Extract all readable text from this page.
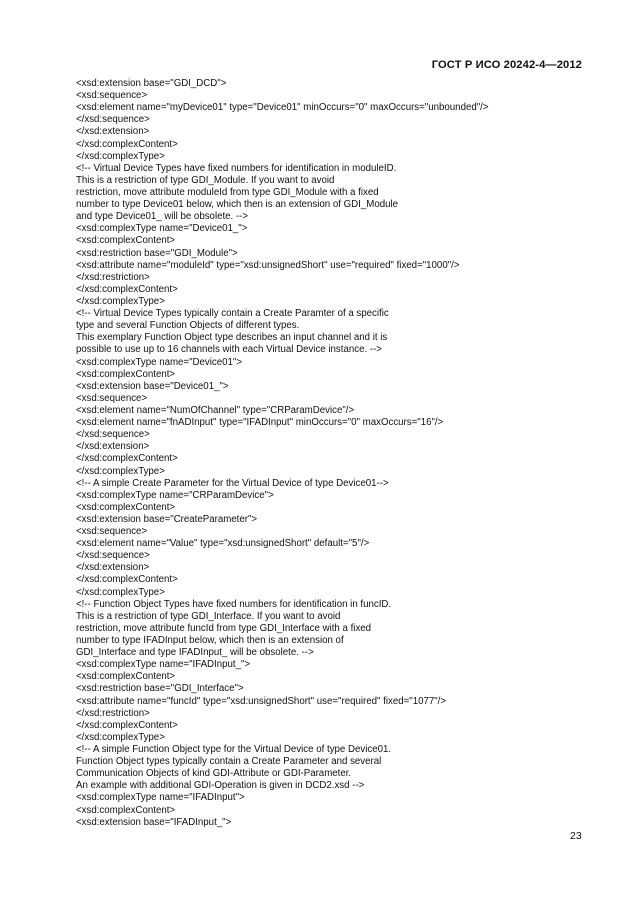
ГОСТ Р ИСО 20242-4—2012
<xsd:extension base="GDI_DCD">
<xsd:sequence>
<xsd:element name="myDevice01" type="Device01" minOccurs="0" maxOccurs="unbounded"/>
</xsd:sequence>
</xsd:extension>
</xsd:complexContent>
</xsd:complexType>
<!-- Virtual Device Types have fixed numbers for identification in moduleID.
This is a restriction of type GDI_Module. If you want to avoid
restriction, move attribute moduleId from type GDI_Module with a fixed
number to type Device01 below, which then is an extension of GDI_Module
and type Device01_ will be obsolete. -->
<xsd:complexType name="Device01_">
<xsd:complexContent>
<xsd:restriction base="GDI_Module">
<xsd:attribute name="moduleId" type="xsd:unsignedShort" use="required" fixed="1000"/>
</xsd:restriction>
</xsd:complexContent>
</xsd:complexType>
<!-- Virtual Device Types typically contain a Create Paramter of a specific
type and several Function Objects of different types.
This exemplary Function Object type describes an input channel and it is
possible to use up to 16 channels with each Virtual Device instance. -->
<xsd:complexType name="Device01">
<xsd:complexContent>
<xsd:extension base="Device01_">
<xsd:sequence>
<xsd:element name="NumOfChannel" type="CRParamDevice"/>
<xsd:element name="fnADInput" type="IFADInput" minOccurs="0" maxOccurs="16"/>
</xsd:sequence>
</xsd:extension>
</xsd:complexContent>
</xsd:complexType>
<!-- A simple Create Parameter for the Virtual Device of type Device01-->
<xsd:complexType name="CRParamDevice">
<xsd:complexContent>
<xsd:extension base="CreateParameter">
<xsd:sequence>
<xsd:element name="Value" type="xsd:unsignedShort" default="5"/>
</xsd:sequence>
</xsd:extension>
</xsd:complexContent>
</xsd:complexType>
<!-- Function Object Types have fixed numbers for identification in funcID.
This is a restriction of type GDI_Interface. If you want to avoid
restriction, move attribute funcId from type GDI_Interface with a fixed
number to type IFADInput below, which then is an extension of
GDI_Interface and type IFADInput_ will be obsolete. -->
<xsd:complexType name="IFADInput_">
<xsd:complexContent>
<xsd:restriction base="GDI_Interface">
<xsd:attribute name="funcId" type="xsd:unsignedShort" use="required" fixed="1077"/>
</xsd:restriction>
</xsd:complexContent>
</xsd:complexType>
<!-- A simple Function Object type for the Virtual Device of type Device01.
Function Object types typically contain a Create Parameter and several
Communication Objects of kind GDI-Attribute or GDI-Parameter.
An example with additional GDI-Operation is given in DCD2.xsd -->
<xsd:complexType name="IFADInput">
<xsd:complexContent>
<xsd:extension base="IFADInput_">
23
